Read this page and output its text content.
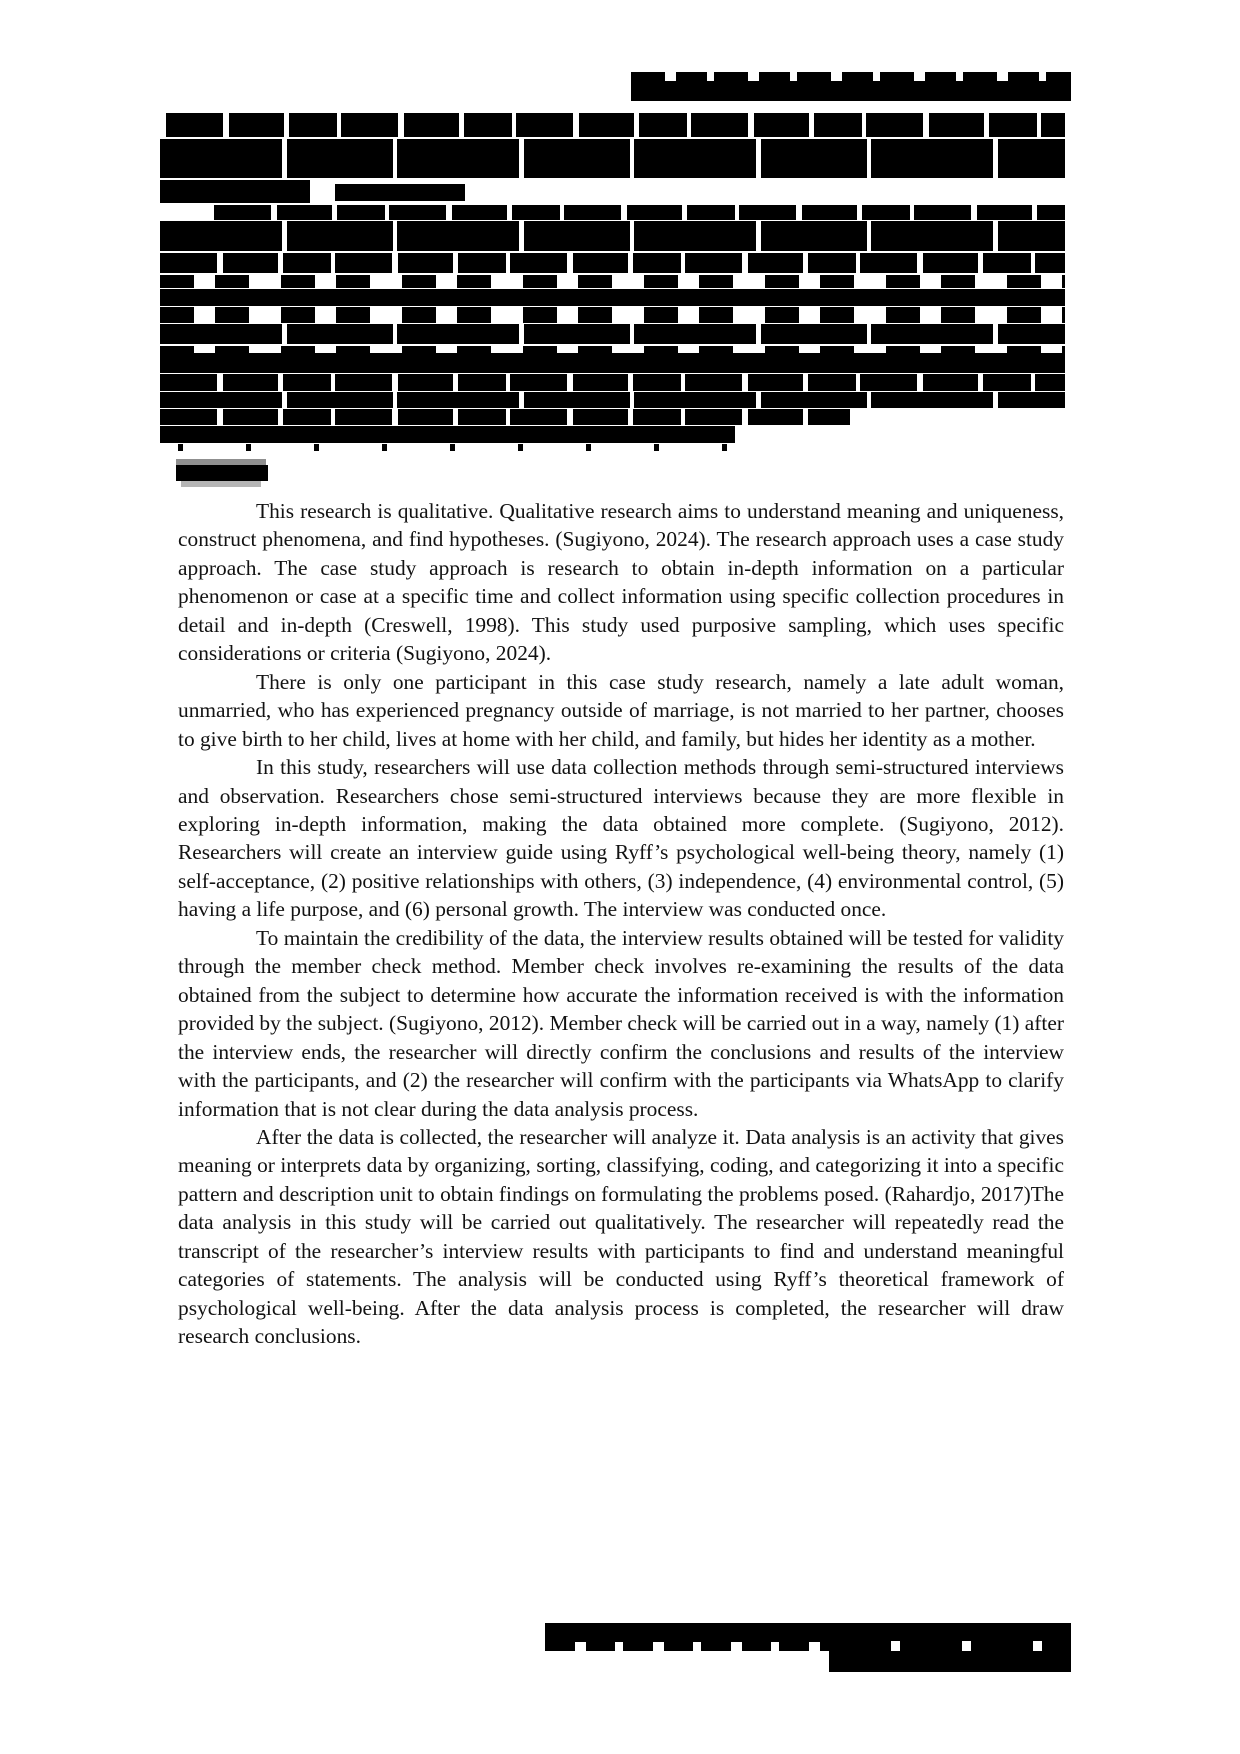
This research is qualitative. Qualitative research aims to understand meaning and uniqueness, construct phenomena, and find hypotheses. (Sugiyono, 2024). The research approach uses a case study approach. The case study approach is research to obtain in-depth information on a particular phenomenon or case at a specific time and collect information using specific collection procedures in detail and in-depth (Creswell, 1998). This study used purposive sampling, which uses specific considerations or criteria (Sugiyono, 2024).

There is only one participant in this case study research, namely a late adult woman, unmarried, who has experienced pregnancy outside of marriage, is not married to her partner, chooses to give birth to her child, lives at home with her child, and family, but hides her identity as a mother.

In this study, researchers will use data collection methods through semi-structured interviews and observation. Researchers chose semi-structured interviews because they are more flexible in exploring in-depth information, making the data obtained more complete. (Sugiyono, 2012). Researchers will create an interview guide using Ryff’s psychological well-being theory, namely (1) self-acceptance, (2) positive relationships with others, (3) independence, (4) environmental control, (5) having a life purpose, and (6) personal growth. The interview was conducted once.

To maintain the credibility of the data, the interview results obtained will be tested for validity through the member check method. Member check involves re-examining the results of the data obtained from the subject to determine how accurate the information received is with the information provided by the subject. (Sugiyono, 2012). Member check will be carried out in a way, namely (1) after the interview ends, the researcher will directly confirm the conclusions and results of the interview with the participants, and (2) the researcher will confirm with the participants via WhatsApp to clarify information that is not clear during the data analysis process.

After the data is collected, the researcher will analyze it. Data analysis is an activity that gives meaning or interprets data by organizing, sorting, classifying, coding, and categorizing it into a specific pattern and description unit to obtain findings on formulating the problems posed. (Rahardjo, 2017)The data analysis in this study will be carried out qualitatively. The researcher will repeatedly read the transcript of the researcher’s interview results with participants to find and understand meaningful categories of statements. The analysis will be conducted using Ryff’s theoretical framework of psychological well-being. After the data analysis process is completed, the researcher will draw research conclusions.
